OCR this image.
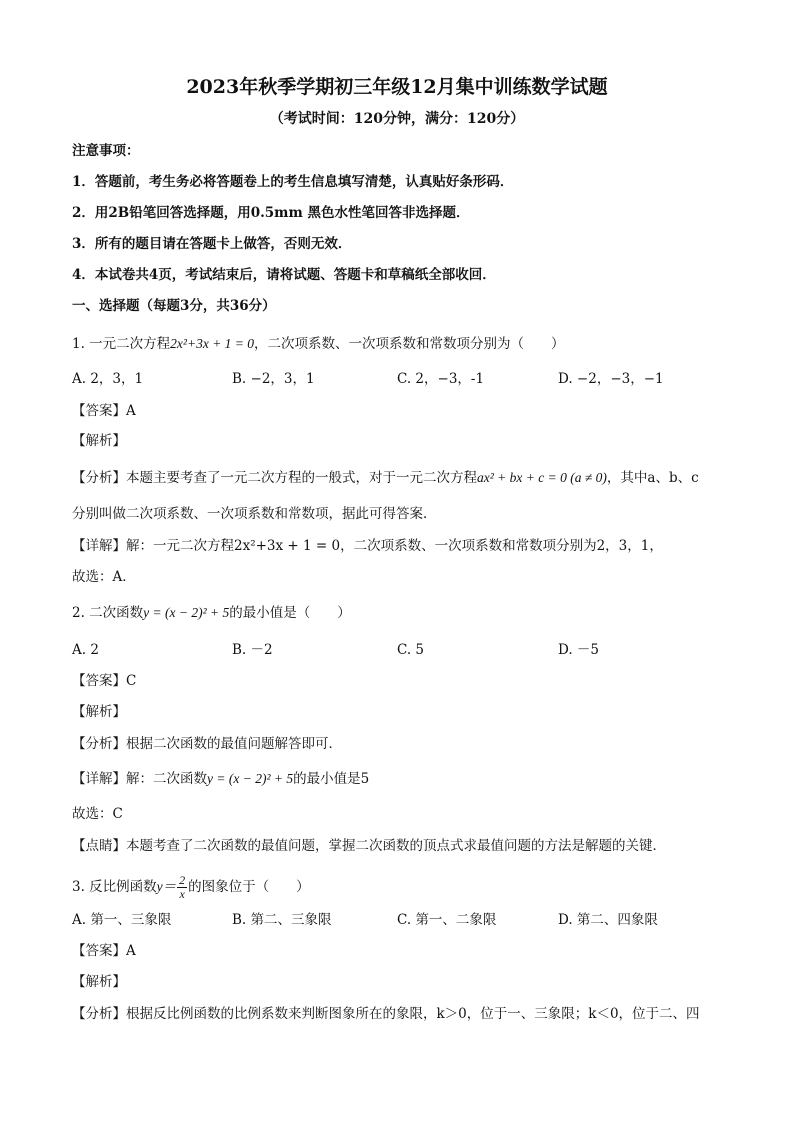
2023年秋季学期初三年级12月集中训练数学试题
（考试时间：120分钟，满分：120分）
注意事项：
1．答题前，考生务必将答题卷上的考生信息填写清楚，认真贴好条形码．
2．用2B铅笔回答选择题，用0.5mm 黑色水性笔回答非选择题．
3．所有的题目请在答题卡上做答，否则无效．
4．本试卷共4页，考试结束后，请将试题、答题卡和草稿纸全部收回．
一、选择题（每题3分，共36分）
1. 一元二次方程2x²+3x + 1 = 0，二次项系数、一次项系数和常数项分别为（　　）
A. 2，3，1	B. −2，3，1	C. 2，−3，-1	D. −2，−3，−1
【答案】A
【解析】
【分析】本题主要考查了一元二次方程的一般式，对于一元二次方程ax² + bx + c = 0 (a ≠ 0)，其中a、b、c
分别叫做二次项系数、一次项系数和常数项，据此可得答案．
【详解】解：一元二次方程2x²+3x + 1 = 0，二次项系数、一次项系数和常数项分别为2，3，1，
故选：A．
2. 二次函数y = (x − 2)² + 5的最小值是（　　）
A. 2	B. －2	C. 5	D. －5
【答案】C
【解析】
【分析】根据二次函数的最值问题解答即可．
【详解】解：二次函数y = (x − 2)² + 5的最小值是5
故选：C
【点睛】本题考查了二次函数的最值问题，掌握二次函数的顶点式求最值问题的方法是解题的关键．
3. 反比例函数$y= \frac{2}{x}$ 的图象位于（　　）
A. 第一、三象限	B. 第二、三象限	C. 第一、二象限	D. 第二、四象限
【答案】A
【解析】
【分析】根据反比例函数的比例系数来判断图象所在的象限，k＞0，位于一、三象限；k＜0，位于二、四
